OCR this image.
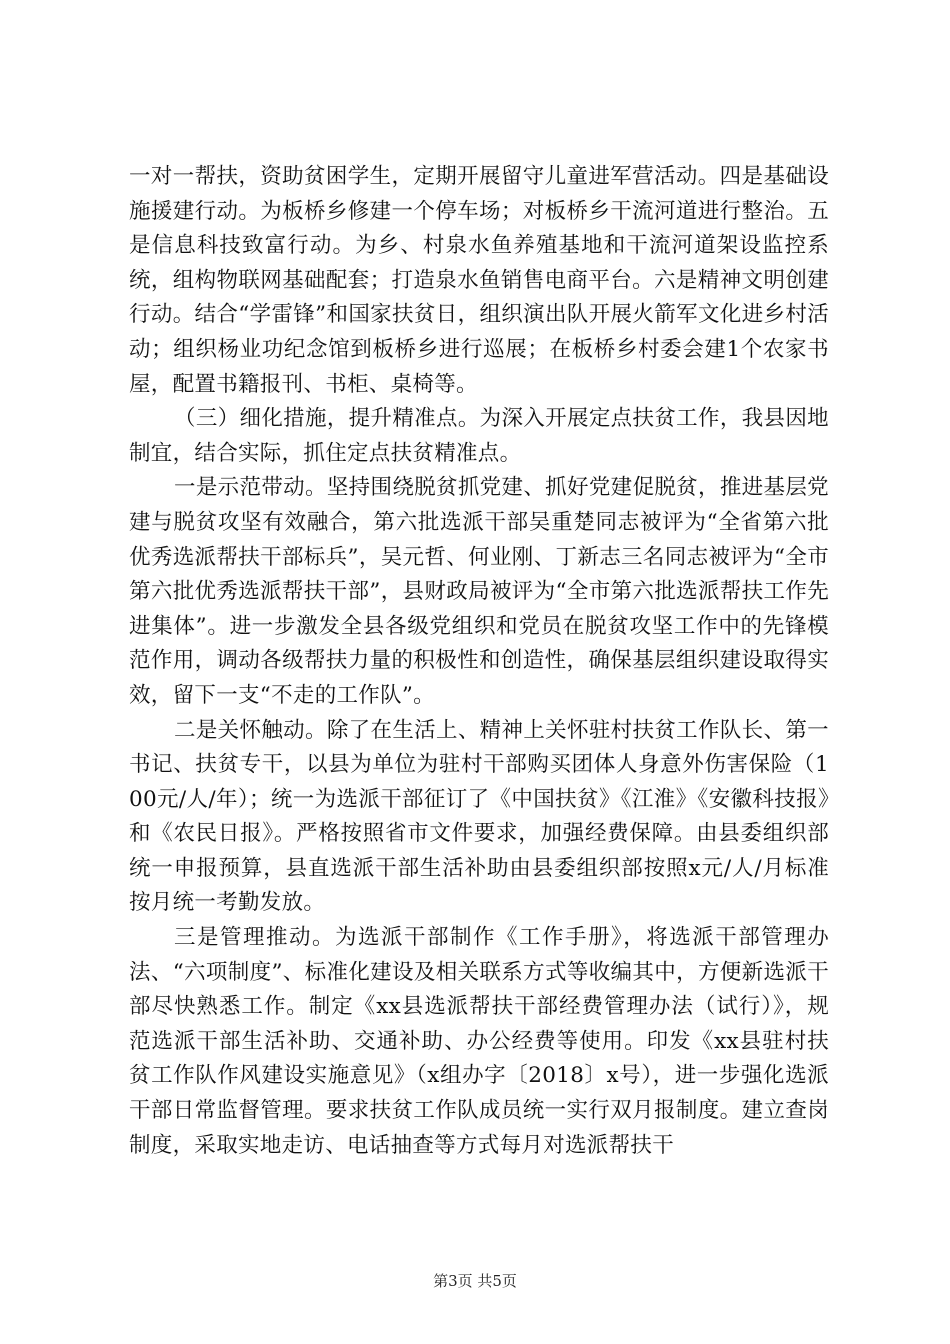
一对一帮扶，资助贫困学生，定期开展留守儿童进军营活动。四是基础设施援建行动。为板桥乡修建一个停车场；对板桥乡干流河道进行整治。五是信息科技致富行动。为乡、村泉水鱼养殖基地和干流河道架设监控系统，组构物联网基础配套；打造泉水鱼销售电商平台。六是精神文明创建行动。结合“学雷锋”和国家扶贫日，组织演出队开展火箭军文化进乡村活动；组织杨业功纪念馆到板桥乡进行巡展；在板桥乡村委会建1个农家书屋，配置书籍报刊、书柜、桌椅等。

（三）细化措施，提升精准点。为深入开展定点扶贫工作，我县因地制宜，结合实际，抓住定点扶贫精准点。

一是示范带动。坚持围绕脱贫抓党建、抓好党建促脱贫，推进基层党建与脱贫攻坚有效融合，第六批选派干部吴重楚同志被评为“全省第六批优秀选派帮扶干部标兵”，吴元哲、何业刚、丁新志三名同志被评为“全市第六批优秀选派帮扶干部”，县财政局被评为“全市第六批选派帮扶工作先进集体”。进一步激发全县各级党组织和党员在脱贫攻坚工作中的先锋模范作用，调动各级帮扶力量的积极性和创造性，确保基层组织建设取得实效，留下一支“不走的工作队”。

二是关怀触动。除了在生活上、精神上关怀驻村扶贫工作队长、第一书记、扶贫专干，以县为单位为驻村干部购买团体人身意外伤害保险（100元/人/年）；统一为选派干部征订了《中国扶贫》《江淮》《安徽科技报》和《农民日报》。严格按照省市文件要求，加强经费保障。由县委组织部统一申报预算，县直选派干部生活补助由县委组织部按照x元/人/月标准按月统一考勤发放。

三是管理推动。为选派干部制作《工作手册》，将选派干部管理办法、“六项制度”、标准化建设及相关联系方式等收编其中，方便新选派干部尽快熟悉工作。制定《xx县选派帮扶干部经费管理办法（试行）》，规范选派干部生活补助、交通补助、办公经费等使用。印发《xx县驻村扶贫工作队作风建设实施意见》（x组办字〔2018〕x号），进一步强化选派干部日常监督管理。要求扶贫工作队成员统一实行双月报制度。建立查岗制度，采取实地走访、电话抽查等方式每月对选派帮扶干

第3页 共5页
